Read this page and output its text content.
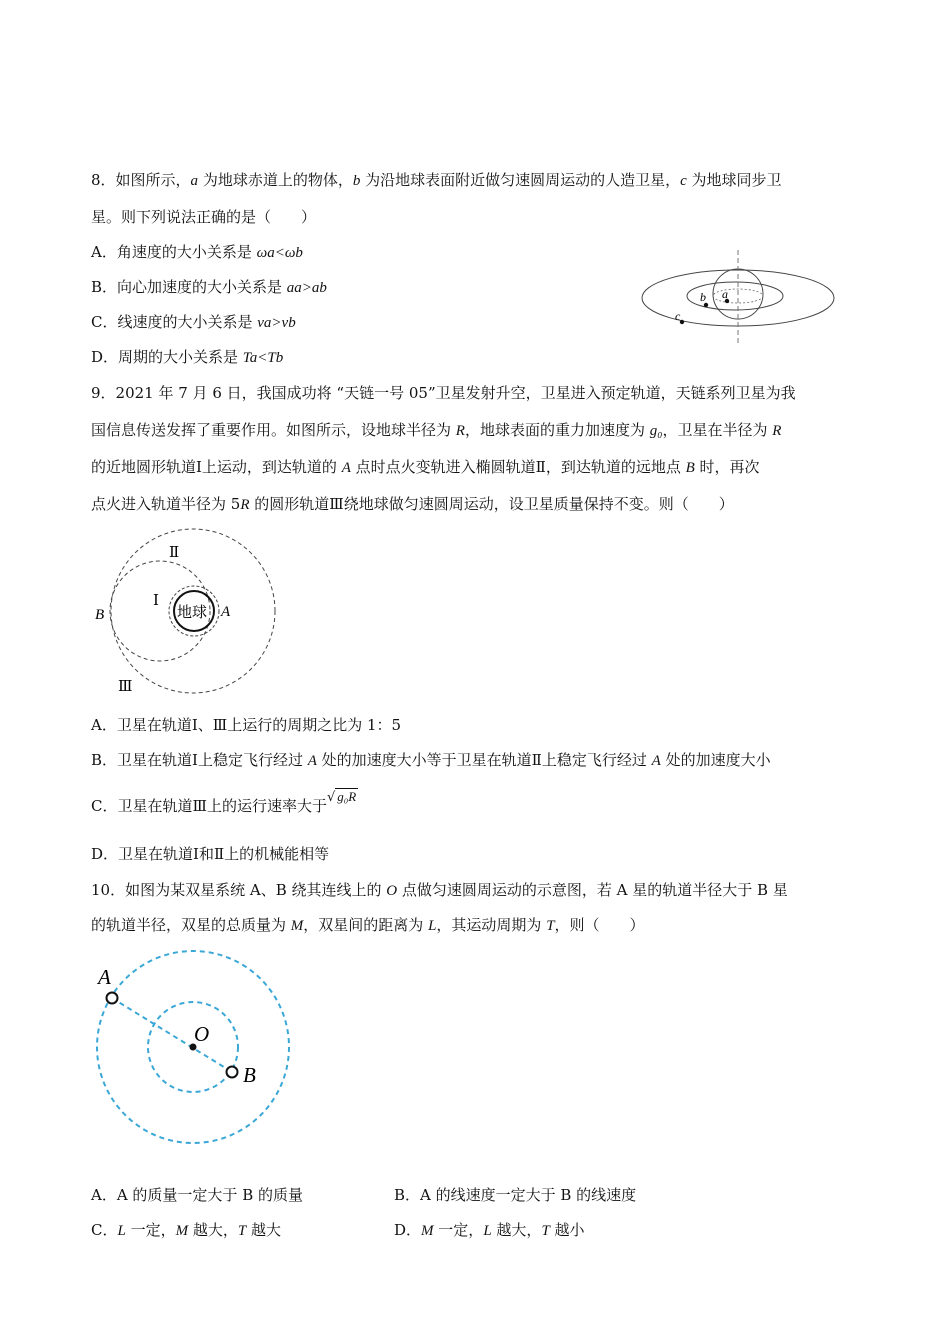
8．如图所示，a 为地球赤道上的物体，b 为沿地球表面附近做匀速圆周运动的人造卫星，c 为地球同步卫
星。则下列说法正确的是（　　）
A．角速度的大小关系是 ωa<ωb
B．向心加速度的大小关系是 aa>ab
C．线速度的大小关系是 va>vb
D．周期的大小关系是 Ta<Tb
a
b
c
9．2021 年 7 月 6 日，我国成功将 “天链一号 05”卫星发射升空，卫星进入预定轨道，天链系列卫星为我
国信息传送发挥了重要作用。如图所示，设地球半径为 R，地球表面的重力加速度为 g₀，卫星在半径为 R
的近地圆形轨道Ⅰ上运动，到达轨道的 A 点时点火变轨进入椭圆轨道Ⅱ，到达轨道的远地点 B 时，再次
点火进入轨道半径为 5R 的圆形轨道Ⅲ绕地球做匀速圆周运动，设卫星质量保持不变。则（　　）
地球
Ⅱ
Ⅰ
Ⅲ
B	A
A．卫星在轨道Ⅰ、Ⅲ上运行的周期之比为 1：5
B．卫星在轨道Ⅰ上稳定飞行经过 A 处的加速度大小等于卫星在轨道Ⅱ上稳定飞行经过 A 处的加速度大小
C．卫星在轨道Ⅲ上的运行速率大于√ g₀R
D．卫星在轨道Ⅰ和Ⅱ上的机械能相等
10．如图为某双星系统 A、B 绕其连线上的 O 点做匀速圆周运动的示意图，若 A 星的轨道半径大于 B 星
的轨道半径，双星的总质量为 M，双星间的距离为 L，其运动周期为 T，则（　　）
A
O
B
A．A 的质量一定大于 B 的质量	B．A 的线速度一定大于 B 的线速度
C．L 一定，M 越大，T 越大	D．M 一定，L 越大，T 越小
